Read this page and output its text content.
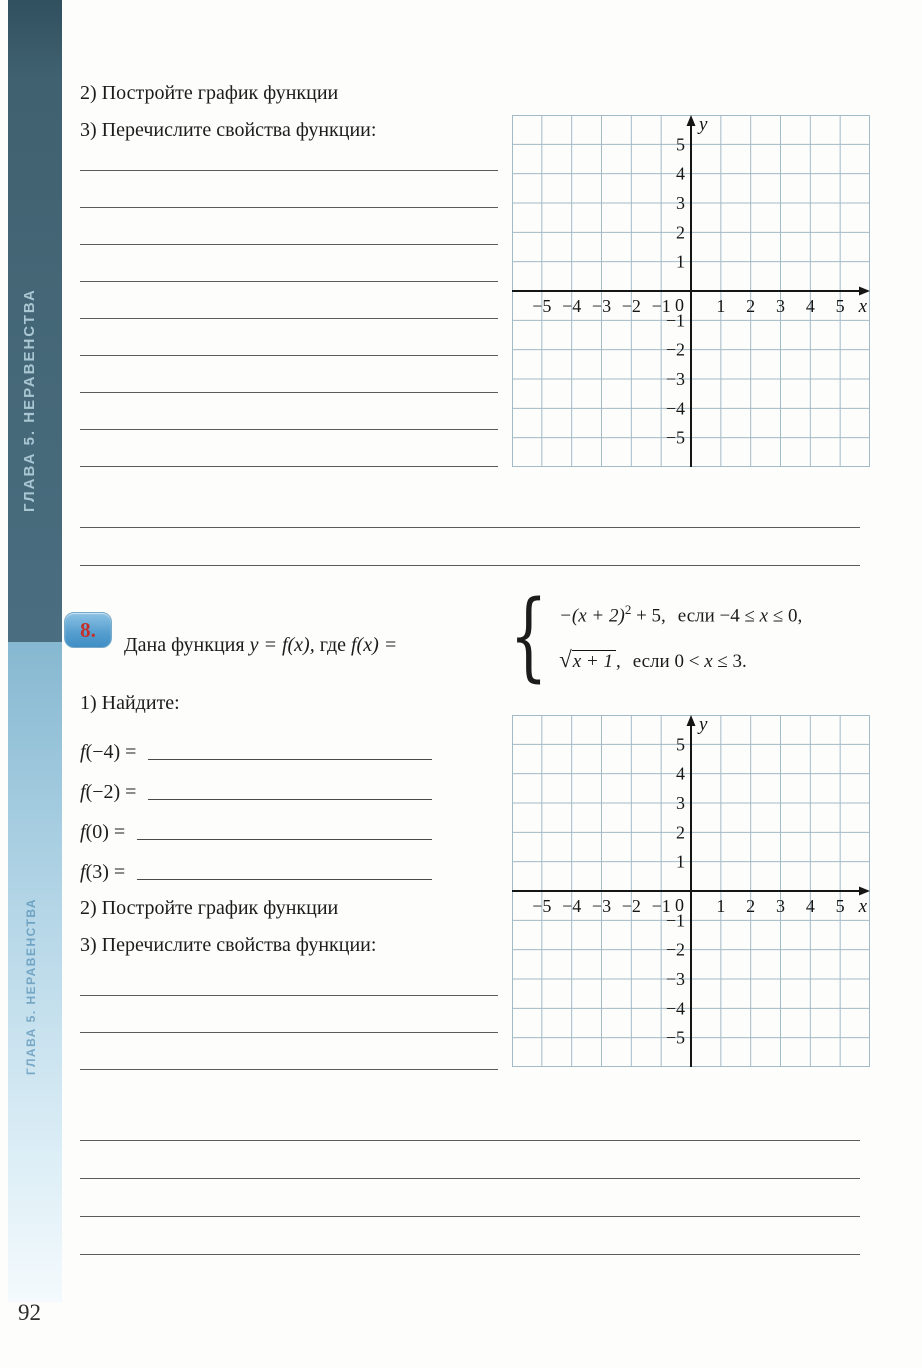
ГЛАВА 5. НЕРАВЕНСТВА
ГЛАВА 5. НЕРАВЕНСТВА
92
2) Постройте график функции
3) Перечислите свойства функции:
5
4
3
2
1
−1
−2
−3
−4
−5
−5 −4 −3 −2 −1	1 2 3 4 5
0
y
x
8.
Дана функция y = f(x), где f(x) = { $-(x + 2)^2 + 5$, если −4 ≤ x ≤ 0,
√x + 1 , если 0 < x ≤ 3.
1) Найдите:
f(−4) =
f(−2) =
f(0) =
f(3) =
2) Постройте график функции
3) Перечислите свойства функции:
5
4
3
2
1
−1
−2
−3
−4
−5
−5 −4 −3 −2 −1	1 2 3 4 5
0
y
x
